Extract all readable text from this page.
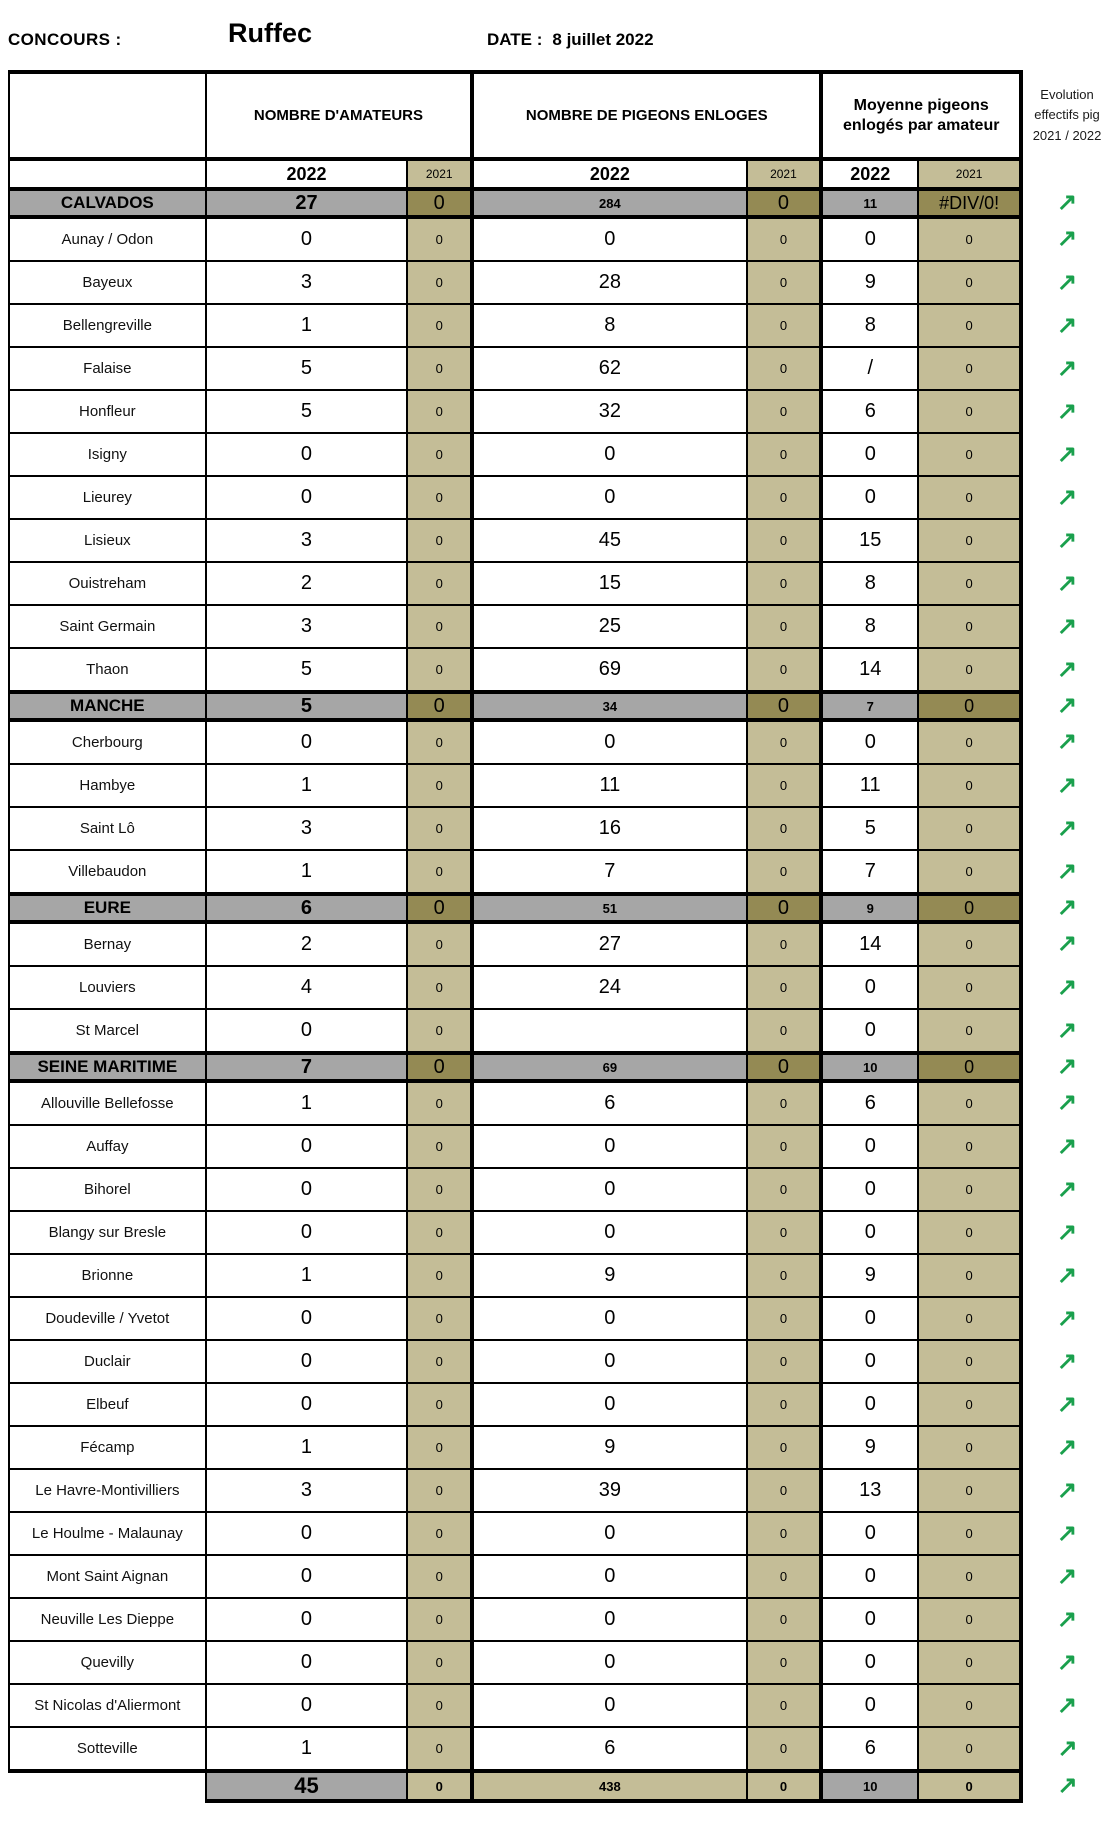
CONCOURS :	Ruffec	DATE : 8 juillet 2022

	NOMBRE D'AMATEURS		NOMBRE DE PIGEONS ENLOGES		Moyenne pigeons enlogés par amateur		Evolution
effectifs pig
2021 / 2022

	2022	2021	2022	2021	2022	2021	
CALVADOS	27	0	284	0	11	#DIV/0!	↗
Aunay / Odon	0	0	0	0	0	0	↗
Bayeux	3	0	28	0	9	0	↗
Bellengreville	1	0	8	0	8	0	↗
Falaise	5	0	62	0	/	0	↗
Honfleur	5	0	32	0	6	0	↗
Isigny	0	0	0	0	0	0	↗
Lieurey	0	0	0	0	0	0	↗
Lisieux	3	0	45	0	15	0	↗
Ouistreham	2	0	15	0	8	0	↗
Saint Germain	3	0	25	0	8	0	↗
Thaon	5	0	69	0	14	0	↗
MANCHE	5	0	34	0	7	0	↗
Cherbourg	0	0	0	0	0	0	↗
Hambye	1	0	11	0	11	0	↗
Saint Lô	3	0	16	0	5	0	↗
Villebaudon	1	0	7	0	7	0	↗
EURE	6	0	51	0	9	0	↗
Bernay	2	0	27	0	14	0	↗
Louviers	4	0	24	0	0	0	↗
St Marcel	0	0		0	0	0	↗
SEINE MARITIME	7	0	69	0	10	0	↗
Allouville Bellefosse	1	0	6	0	6	0	↗
Auffay	0	0	0	0	0	0	↗
Bihorel	0	0	0	0	0	0	↗
Blangy sur Bresle	0	0	0	0	0	0	↗
Brionne	1	0	9	0	9	0	↗
Doudeville / Yvetot	0	0	0	0	0	0	↗
Duclair	0	0	0	0	0	0	↗
Elbeuf	0	0	0	0	0	0	↗
Fécamp	1	0	9	0	9	0	↗
Le Havre-Montivilliers	3	0	39	0	13	0	↗
Le Houlme - Malaunay	0	0	0	0	0	0	↗
Mont Saint Aignan	0	0	0	0	0	0	↗
Neuville Les Dieppe	0	0	0	0	0	0	↗
Quevilly	0	0	0	0	0	0	↗
St Nicolas d'Aliermont	0	0	0	0	0	0	↗
Sotteville	1	0	6	0	6	0	↗
	45	0	438	0	10	0	↗
